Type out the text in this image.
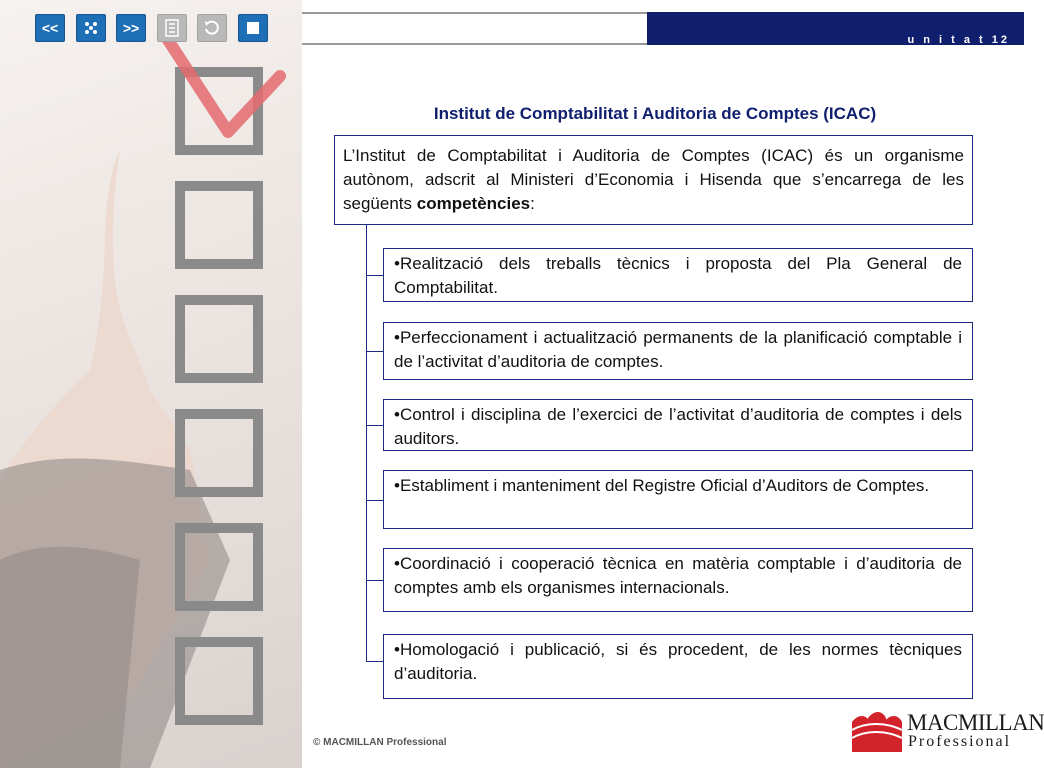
<<	>>
u n i t a t 12
Institut de Comptabilitat i Auditoria de Comptes (ICAC)
L’Institut de Comptabilitat i Auditoria de Comptes (ICAC) és un organisme autònom, adscrit al Ministeri d’Economia i Hisenda que s’encarrega de les següents competències:
•Realització dels treballs tècnics i proposta del Pla General de Comptabilitat.
•Perfeccionament i actualització permanents de la planificació comptable i de l’activitat d’auditoria de comptes.
•Control i disciplina de l’exercici de l’activitat d’auditoria de comptes i dels auditors.
•Establiment i manteniment del Registre Oficial d’Auditors de Comptes.
•Coordinació i cooperació tècnica en matèria comptable i d’auditoria de comptes amb els organismes internacionals.
•Homologació i publicació, si és procedent, de les normes tècniques d’auditoria.
© MACMILLAN Professional
MACMILLAN
Professional
